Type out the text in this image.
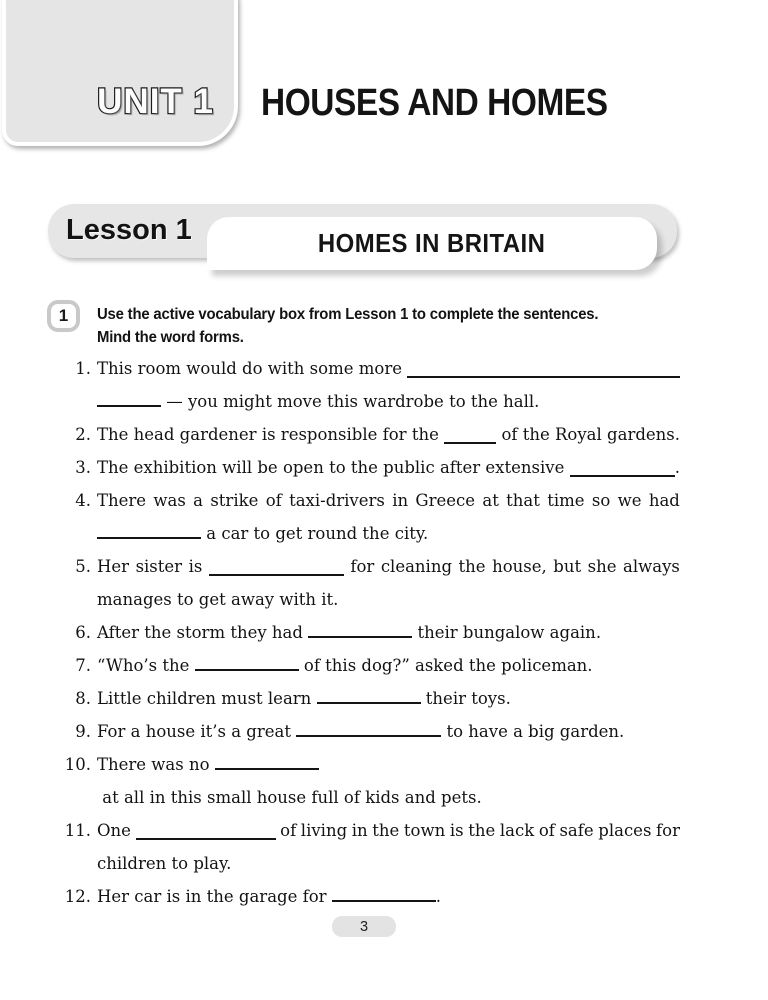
UNIT 1 HOUSES AND HOMES
Lesson 1	HOMES IN BRITAIN
1 Use the active vocabulary box from Lesson 1 to complete the sentences.
Mind the word forms.
1. This room would do with some more

— you might move this wardrobe to the hall.
2. The head gardener is responsible for the
	of the Royal gardens.
3. The exhibition will be open to the public after extensive
	.
4. There was a strike of taxi-drivers in Greece at that time so we had
a car to get round the city.
5. Her sister is
	for cleaning the house, but she always
manages to get away with it.
6. After the storm they had	their bungalow again.
7. “Who’s the	of this dog?” asked the policeman.
8. Little children must learn	their toys.
9. For a house it’s a great	to have a big garden.
10. There was no   at all in this small house full of kids and pets.
11. One
	of living in the town is the lack of safe places for
children to play.
12. Her car is in the garage for	.
3
